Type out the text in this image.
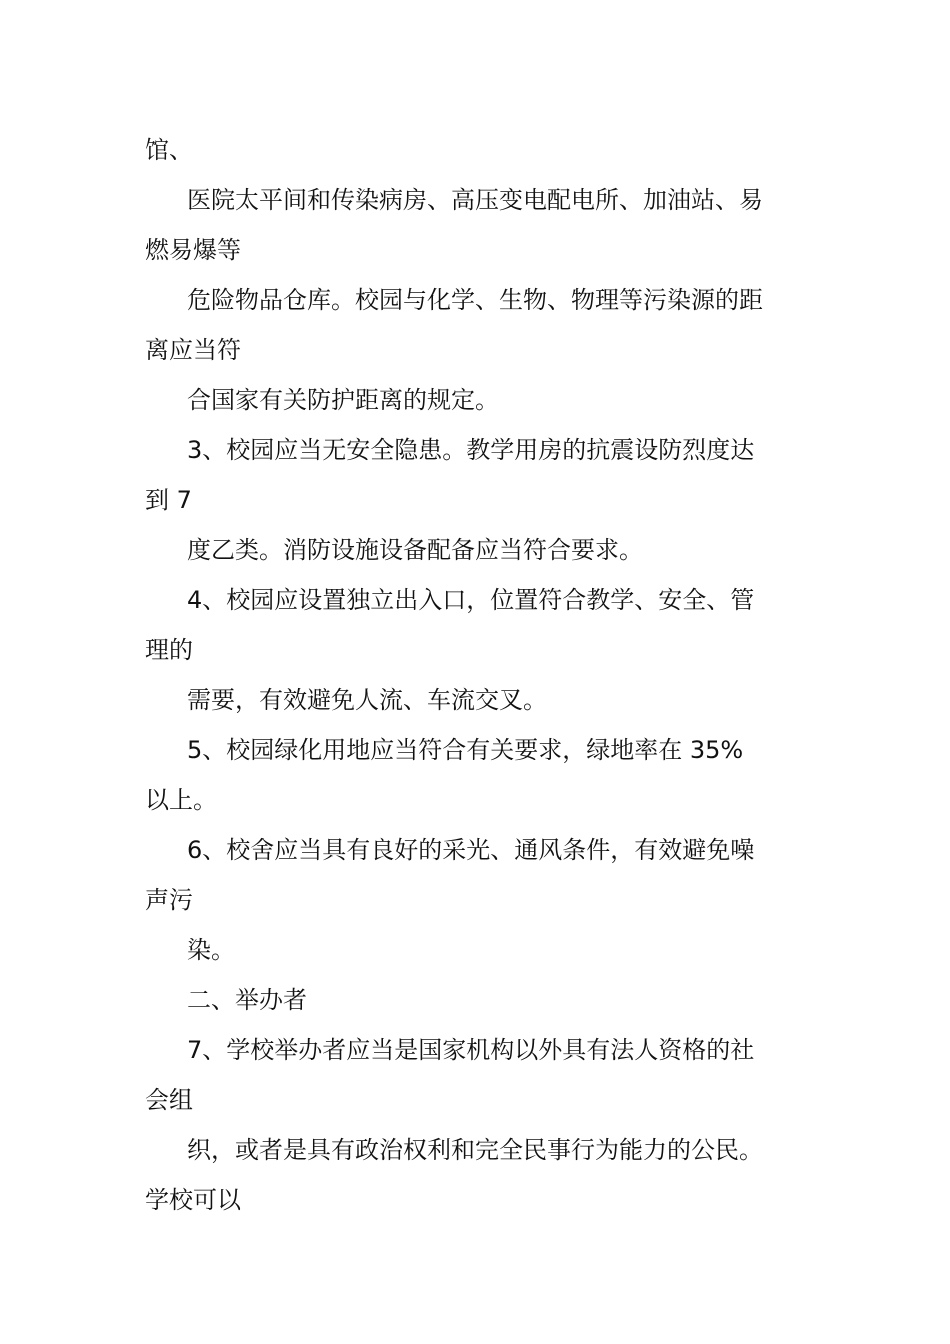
馆、

医院太平间和传染病房、高压变电配电所、加油站、易

燃易爆等

危险物品仓库。校园与化学、生物、物理等污染源的距

离应当符

合国家有关防护距离的规定。

3、校园应当无安全隐患。教学用房的抗震设防烈度达

到 7

度乙类。消防设施设备配备应当符合要求。

4、校园应设置独立出入口，位置符合教学、安全、管

理的

需要，有效避免人流、车流交叉。

5、校园绿化用地应当符合有关要求，绿地率在 35%

以上。

6、校舍应当具有良好的采光、通风条件，有效避免噪

声污

染。

二、举办者

7、学校举办者应当是国家机构以外具有法人资格的社

会组

织，或者是具有政治权利和完全民事行为能力的公民。

学校可以
